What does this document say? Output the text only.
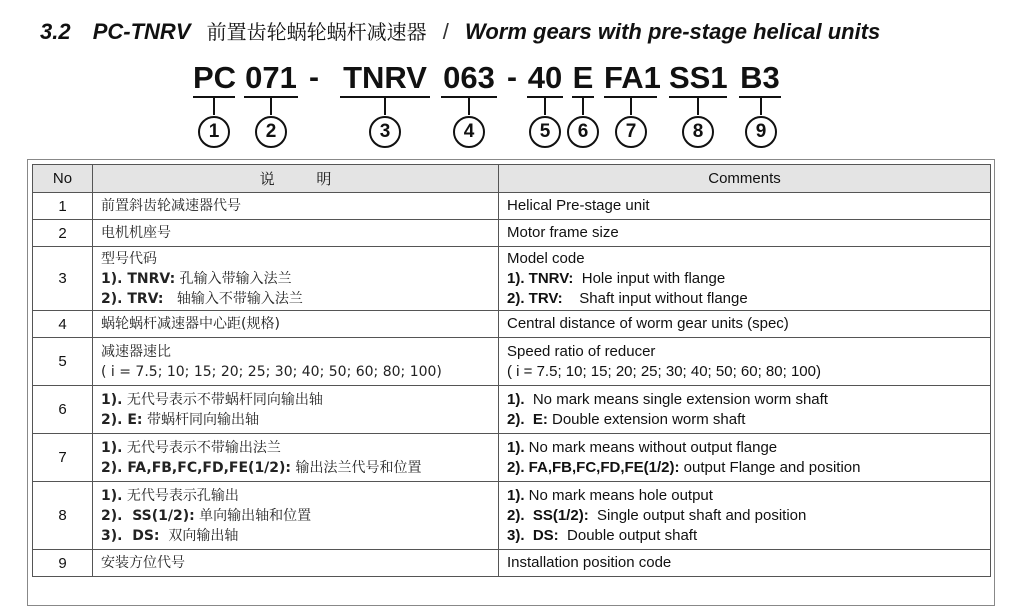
3.2 PC-TNRV 前置齿轮蜗轮蜗杆减速器 / Worm gears with pre-stage helical units
PC 071 - TNRV 063 - 40 E FA1 SS1 B3
1	2	3	4	5	6	7	8	9
No	说          明	Comments
1	前置斜齿轮减速器代号	Helical Pre-stage unit

2	电机机座号	Motor frame size

3	型号代码
1). TNRV: 孔输入带输入法兰
2). TRV:   轴输入不带输入法兰	Model code
1). TNRV:  Hole input with flange
2). TRV:    Shaft input without flange

4	蜗轮蜗杆减速器中心距(规格)	Central distance of worm gear units (spec)

5	减速器速比
( i = 7.5; 10; 15; 20; 25; 30; 40; 50; 60; 80; 100)	Speed ratio of reducer
( i = 7.5; 10; 15; 20; 25; 30; 40; 50; 60; 80; 100)

6	1). 无代号表示不带蜗杆同向输出轴
2). E: 带蜗杆同向输出轴	1).  No mark means single extension worm shaft
2).  E: Double extension worm shaft

7	1). 无代号表示不带输出法兰
2). FA,FB,FC,FD,FE(1/2): 输出法兰代号和位置	1). No mark means without output flange
2). FA,FB,FC,FD,FE(1/2): output Flange and position

8	1). 无代号表示孔输出
2).  SS(1/2): 单向输出轴和位置
3).  DS:  双向输出轴	1). No mark means hole output
2).  SS(1/2):  Single output shaft and position
3).  DS:  Double output shaft

9	安装方位代号	Installation position code
